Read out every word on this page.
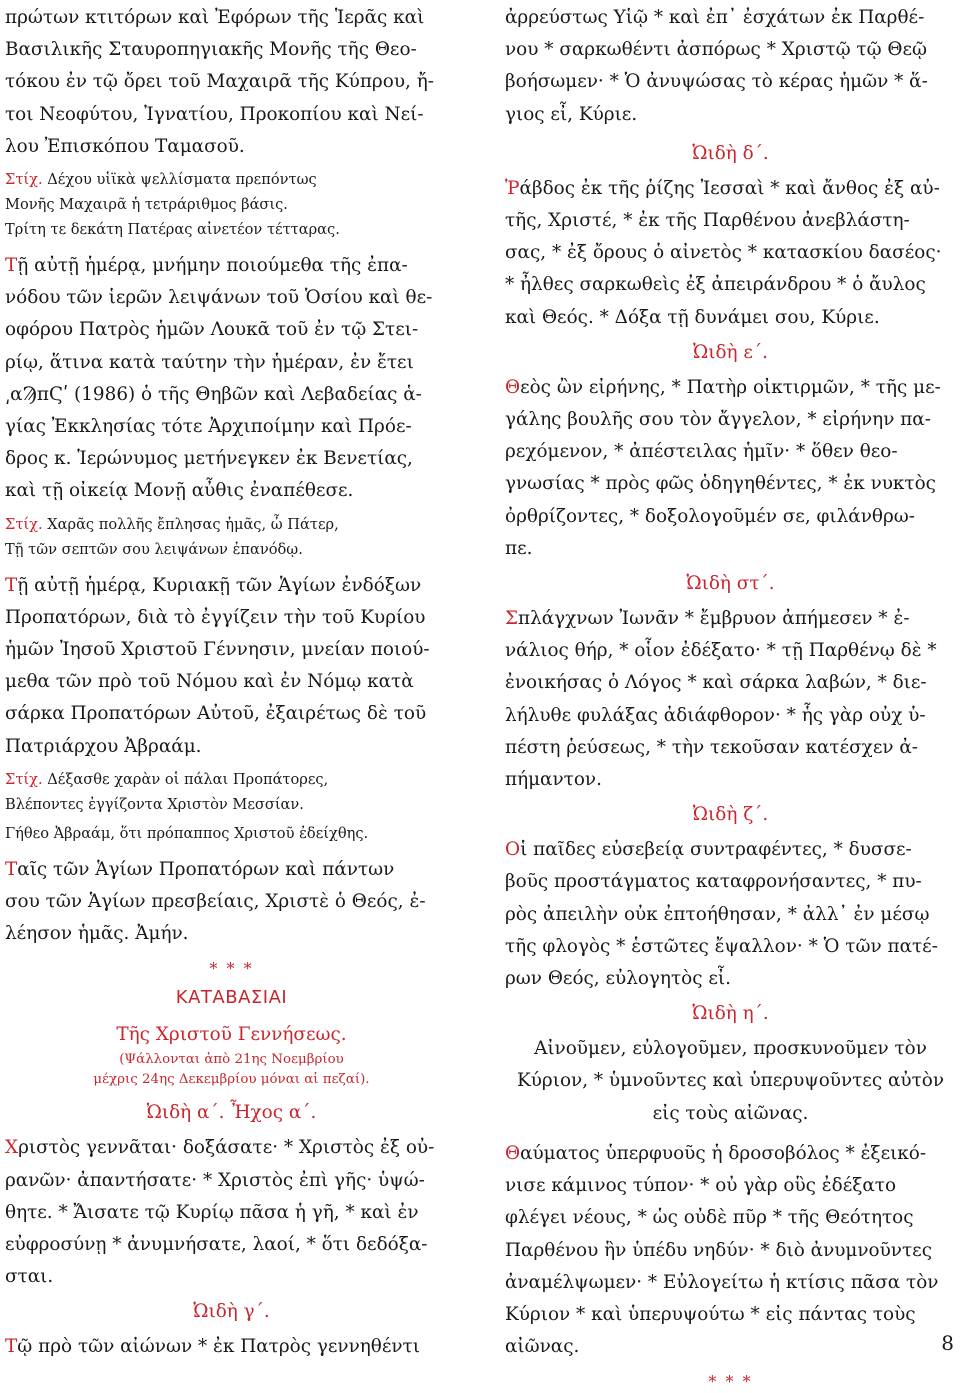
πρώτων κτιτόρων καὶ Ἐφόρων τῆς Ἱερᾶς καὶ
Βασιλικῆς Σταυροπηγιακῆς Μονῆς τῆς Θεο-
τόκου ἐν τῷ ὄρει τοῦ Μαχαιρᾶ τῆς Κύπρου, ἤ-
τοι Νεοφύτου, Ἰγνατίου, Προκοπίου καὶ Νεί-
λου Ἐπισκόπου Ταμασοῦ.

Στίχ. Δέχου υἱϊκὰ ψελλίσματα πρεπόντως
Μονῆς Μαχαιρᾶ ἡ τετράριθμος βάσις.
Τρίτη τε δεκάτη Πατέρας αἰνετέον τέτταρας.

Τῇ αὐτῇ ἡμέρᾳ, μνήμην ποιούμεθα τῆς ἐπα-
νόδου τῶν ἱερῶν λειψάνων τοῦ Ὁσίου καὶ θε-
οφόρου Πατρὸς ἡμῶν Λουκᾶ τοῦ ἐν τῷ Στει-
ρίῳ, ἅτινα κατὰ ταύτην τὴν ἡμέραν, ἐν ἔτει
͵αϠπϚʹ (1986) ὁ τῆς Θηβῶν καὶ Λεβαδείας ἁ-
γίας Ἐκκλησίας τότε Ἀρχιποίμην καὶ Πρόε-
δρος κ. Ἱερώνυμος μετήνεγκεν ἐκ Βενετίας,
καὶ τῇ οἰκείᾳ Μονῇ αὖθις ἐναπέθεσε.

Στίχ. Χαρᾶς πολλῆς ἔπλησας ἡμᾶς, ὦ Πάτερ,
Τῇ τῶν σεπτῶν σου λειψάνων ἐπανόδῳ.

Τῇ αὐτῇ ἡμέρᾳ, Κυριακῇ τῶν Ἁγίων ἐνδόξων
Προπατόρων, διὰ τὸ ἐγγίζειν τὴν τοῦ Κυρίου
ἡμῶν Ἰησοῦ Χριστοῦ Γέννησιν, μνείαν ποιού-
μεθα τῶν πρὸ τοῦ Νόμου καὶ ἐν Νόμῳ κατὰ
σάρκα Προπατόρων Αὐτοῦ, ἐξαιρέτως δὲ τοῦ
Πατριάρχου Ἀβραάμ.

Στίχ. Δέξασθε χαρὰν οἱ πάλαι Προπάτορες,
Βλέποντες ἐγγίζοντα Χριστὸν Μεσσίαν.

Γήθεο Ἀβραάμ, ὅτι πρόπαππος Χριστοῦ ἐδείχθης.

Ταῖς τῶν Ἁγίων Προπατόρων καὶ πάντων
σου τῶν Ἁγίων πρεσβείαις, Χριστὲ ὁ Θεός, ἐ-
λέησον ἡμᾶς. Ἀμήν.

* * *

ΚΑΤΑΒΑΣΙΑΙ

Τῆς Χριστοῦ Γεννήσεως.

(Ψάλλονται ἀπὸ 21ης Νοεμβρίου
μέχρις 24ης Δεκεμβρίου μόναι αἱ πεζαί).

Ὠιδὴ α΄. Ἦχος α΄.

Χριστὸς γεννᾶται· δοξάσατε· * Χριστὸς ἐξ οὐ-
ρανῶν· ἀπαντήσατε· * Χριστὸς ἐπὶ γῆς· ὑψώ-
θητε. * Ἄισατε τῷ Κυρίῳ πᾶσα ἡ γῆ, * καὶ ἐν
εὐφροσύνῃ * ἀνυμνήσατε, λαοί, * ὅτι δεδόξα-
σται.

Ὠιδὴ γ΄.

Τῷ πρὸ τῶν αἰώνων * ἐκ Πατρὸς γεννηθέντι

ἀρρεύστως Υἱῷ * καὶ ἐπ᾽ ἐσχάτων ἐκ Παρθέ-
νου * σαρκωθέντι ἀσπόρως * Χριστῷ τῷ Θεῷ
βοήσωμεν· * Ὁ ἀνυψώσας τὸ κέρας ἡμῶν * ἅ-
γιος εἶ, Κύριε.

Ὠιδὴ δ΄.

Ῥάβδος ἐκ τῆς ῥίζης Ἰεσσαὶ * καὶ ἄνθος ἐξ αὐ-
τῆς, Χριστέ, * ἐκ τῆς Παρθένου ἀνεβλάστη-
σας, * ἐξ ὄρους ὁ αἰνετὸς * κατασκίου δασέος·
* ἦλθες σαρκωθεὶς ἐξ ἀπειράνδρου * ὁ ἄυλος
καὶ Θεός. * Δόξα τῇ δυνάμει σου, Κύριε.

Ὠιδὴ ε΄.

Θεὸς ὢν εἰρήνης, * Πατὴρ οἰκτιρμῶν, * τῆς με-
γάλης βουλῆς σου τὸν ἄγγελον, * εἰρήνην πα-
ρεχόμενον, * ἀπέστειλας ἡμῖν· * ὅθεν θεο-
γνωσίας * πρὸς φῶς ὁδηγηθέντες, * ἐκ νυκτὸς
ὀρθρίζοντες, * δοξολογοῦμέν σε, φιλάνθρω-
πε.

Ὠιδὴ στ΄.

Σπλάγχνων Ἰωνᾶν * ἔμβρυον ἀπήμεσεν * ἐ-
νάλιος θήρ, * οἷον ἐδέξατο· * τῇ Παρθένῳ δὲ *
ἐνοικήσας ὁ Λόγος * καὶ σάρκα λαβών, * διε-
λήλυθε φυλάξας ἀδιάφθορον· * ἧς γὰρ οὐχ ὑ-
πέστη ῥεύσεως, * τὴν τεκοῦσαν κατέσχεν ἀ-
πήμαντον.

Ὠιδὴ ζ΄.

Οἱ παῖδες εὐσεβείᾳ συντραφέντες, * δυσσε-
βοῦς προστάγματος καταφρονήσαντες, * πυ-
ρὸς ἀπειλὴν οὐκ ἐπτοήθησαν, * ἀλλ᾽ ἐν μέσῳ
τῆς φλογὸς * ἑστῶτες ἔψαλλον· * Ὁ τῶν πατέ-
ρων Θεός, εὐλογητὸς εἶ.

Ὠιδὴ η΄.

Αἰνοῦμεν, εὐλογοῦμεν, προσκυνοῦμεν τὸν
Κύριον, * ὑμνοῦντες καὶ ὑπερυψοῦντες αὐτὸν
εἰς τοὺς αἰῶνας.

Θαύματος ὑπερφυοῦς ἡ δροσοβόλος * ἐξεικό-
νισε κάμινος τύπον· * οὐ γὰρ οὓς ἐδέξατο
φλέγει νέους, * ὡς οὐδὲ πῦρ * τῆς Θεότητος
Παρθένου ἣν ὑπέδυ νηδύν· * διὸ ἀνυμνοῦντες
ἀναμέλψωμεν· * Εὐλογείτω ἡ κτίσις πᾶσα τὸν
Κύριον * καὶ ὑπερυψούτω * εἰς πάντας τοὺς
αἰῶνας.

* * *

8
